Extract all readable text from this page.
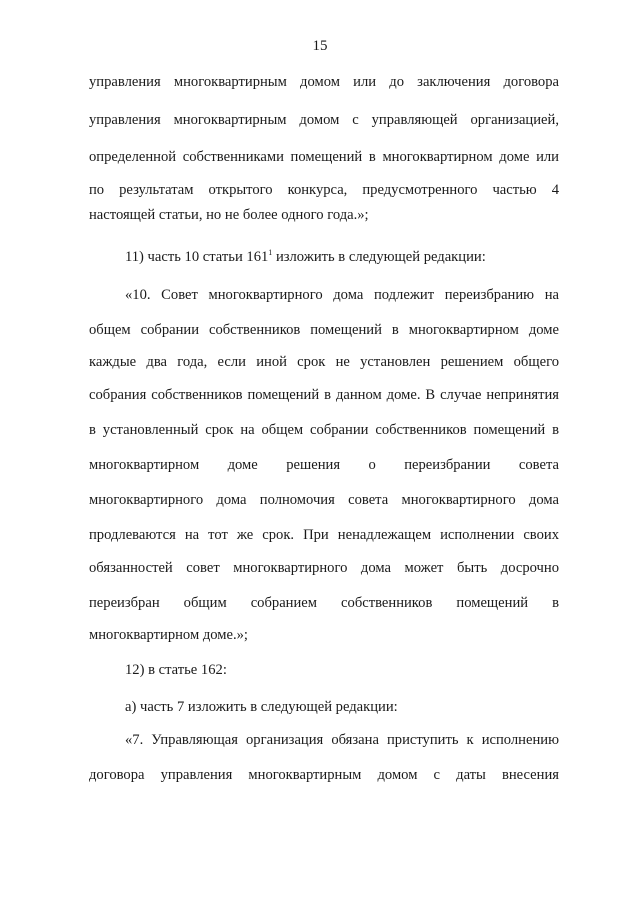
15
управления многоквартирным домом или до заключения договора
управления многоквартирным домом с управляющей организацией,
определенной собственниками помещений в многоквартирном доме или
по результатам открытого конкурса, предусмотренного частью 4
настоящей статьи, но не более одного года.»;
11) часть 10 статьи $161^1$ изложить в следующей редакции:
«10. Совет многоквартирного дома подлежит переизбранию на
общем собрании собственников помещений в многоквартирном доме
каждые два года, если иной срок не установлен решением общего
собрания собственников помещений в данном доме. В случае непринятия
в установленный срок на общем собрании собственников помещений в
многоквартирном доме решения о переизбрании совета
многоквартирного дома полномочия совета многоквартирного дома
продлеваются на тот же срок. При ненадлежащем исполнении своих
обязанностей совет многоквартирного дома может быть досрочно
переизбран общим собранием собственников помещений в
многоквартирном доме.»;
12) в статье 162:
а) часть 7 изложить в следующей редакции:
«7. Управляющая организация обязана приступить к исполнению
договора управления многоквартирным домом с даты внесения
